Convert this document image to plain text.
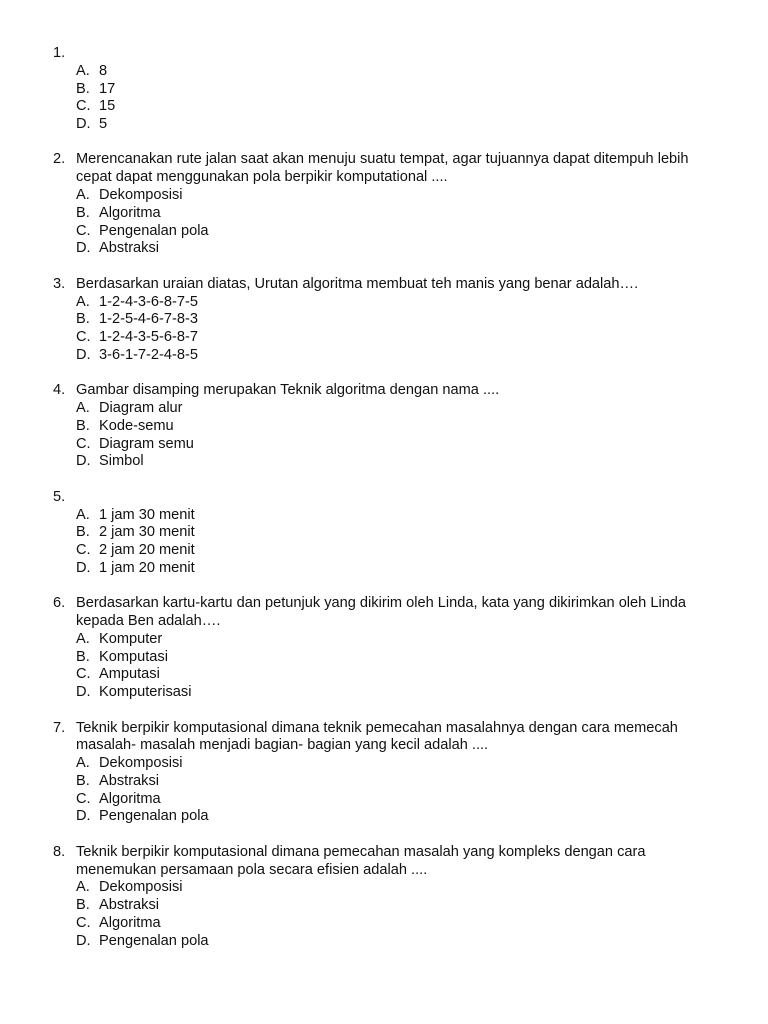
1.
A. 8
B. 17
C. 15
D. 5
2. Merencanakan rute jalan saat akan menuju suatu tempat, agar tujuannya dapat ditempuh lebih cepat dapat menggunakan pola berpikir komputational ....
A. Dekomposisi
B. Algoritma
C. Pengenalan pola
D. Abstraksi
3. Berdasarkan uraian diatas, Urutan algoritma membuat teh manis yang benar adalah….
A. 1-2-4-3-6-8-7-5
B. 1-2-5-4-6-7-8-3
C. 1-2-4-3-5-6-8-7
D. 3-6-1-7-2-4-8-5
4. Gambar disamping merupakan Teknik algoritma dengan nama ....
A. Diagram alur
B. Kode-semu
C. Diagram semu
D. Simbol
5.
A. 1 jam 30 menit
B. 2 jam 30 menit
C. 2 jam 20 menit
D. 1 jam 20 menit
6. Berdasarkan kartu-kartu dan petunjuk yang dikirim oleh Linda, kata yang dikirimkan oleh Linda kepada Ben adalah….
A. Komputer
B. Komputasi
C. Amputasi
D. Komputerisasi
7. Teknik berpikir komputasional dimana teknik pemecahan masalahnya dengan cara memecah masalah- masalah menjadi bagian- bagian yang kecil adalah ....
A. Dekomposisi
B. Abstraksi
C. Algoritma
D. Pengenalan pola
8. Teknik berpikir komputasional dimana pemecahan masalah yang kompleks dengan cara menemukan persamaan pola secara efisien adalah ....
A. Dekomposisi
B. Abstraksi
C. Algoritma
D. Pengenalan pola
